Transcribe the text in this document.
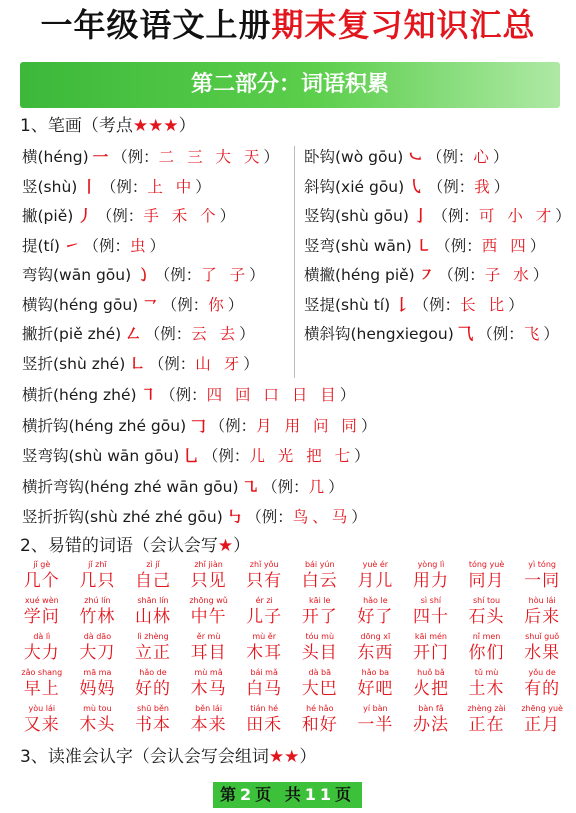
一年级语文上册期末复习知识汇总
第二部分：词语积累
1、笔画（考点★★★）
横(héng) 一 （例：二 三 大 天）
竖(shù) 丨 （例：上 中）
撇(piě) 丿 （例：手 禾 个）
提(tí) ㇀ （例：虫）
弯钩(wān gōu) ㇁ （例：了 子）
横钩(héng gōu) ㇖ （例：你）
撇折(piě zhé) ㇜ （例：云 去）
竖折(shù zhé) ㇗ （例：山 牙）
卧钩(wò gōu) ㇃ （例：心）
斜钩(xié gōu) ㇂ （例：我）
竖钩(shù gōu) 亅 （例：可 小 才）
竖弯(shù wān) ㇄ （例：西 四）
横撇(héng piě) ㇇ （例：子 水）
竖提(shù tí) 𠄌 （例：长 比）
横斜钩(hengxiegou) ⺄ （例：飞）
横折(héng zhé) ㇕ （例：四 回 口 日 目）
横折钩(héng zhé gōu) 𠃌 （例：月 用 问 同）
竖弯钩(shù wān gōu) 乚 （例：儿 光 把 七）
横折弯钩(héng zhé wān gōu) ㇈ （例：几）
竖折折钩(shù zhé zhé gōu) ㇉ （例：鸟、马）
2、易错的词语（会认会写★）
jǐ gè
几个
jǐ zhī
几只
zì jǐ
自己
zhǐ jiàn
只见
zhǐ yǒu
只有
bái yún
白云
yuè ér
月儿
yòng lì
用力
tóng yuè
同月
yì tóng
一同
xué wèn
学问
zhú lín
竹林
shān lín
山林
zhōng wǔ
中午
ér zi
儿子
kāi le
开了
hǎo le
好了
sì shí
四十
shí tou
石头
hòu lái
后来
dà lì
大力
dà dāo
大刀
lì zhèng
立正
ěr mù
耳目
mù ěr
木耳
tóu mù
头目
dōng xī
东西
kāi mén
开门
nǐ men
你们
shuǐ guǒ
水果
zǎo shang
早上
mā ma
妈妈
hǎo de
好的
mù mǎ
木马
bái mǎ
白马
dà bā
大巴
hǎo ba
好吧
huǒ bǎ
火把
tǔ mù
土木
yǒu de
有的
yòu lái
又来
mù tou
木头
shū běn
书本
běn lái
本来
tián hé
田禾
hé hǎo
和好
yí bàn
一半
bàn fǎ
办法
zhèng zài
正在
zhēng yuè
正月
3、读准会认字（会认会写会组词★★）
第2页 共11页
